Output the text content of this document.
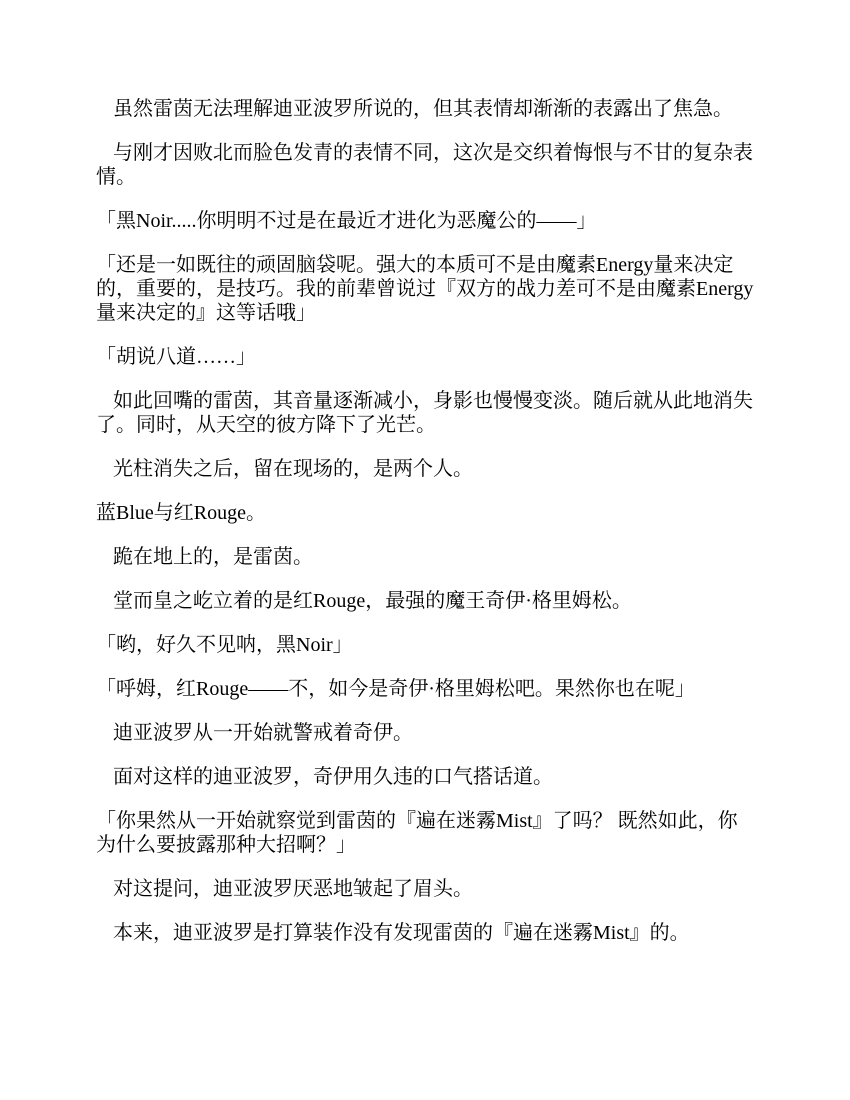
虽然雷茵无法理解迪亚波罗所说的，但其表情却渐渐的表露出了焦急。

与刚才因败北而脸色发青的表情不同，这次是交织着悔恨与不甘的复杂表情。

「黑Noir.....你明明不过是在最近才进化为恶魔公的——」

「还是一如既往的顽固脑袋呢。强大的本质可不是由魔素Energy量来决定的，重要的，是技巧。我的前辈曾说过『双方的战力差可不是由魔素Energy量来决定的』这等话哦」

「胡说八道……」

如此回嘴的雷茵，其音量逐渐减小，身影也慢慢变淡。随后就从此地消失了。同时，从天空的彼方降下了光芒。

光柱消失之后，留在现场的，是两个人。

蓝Blue与红Rouge。

跪在地上的，是雷茵。

堂而皇之屹立着的是红Rouge，最强的魔王奇伊·格里姆松。

「哟，好久不见呐，黑Noir」

「呼姆，红Rouge——不，如今是奇伊·格里姆松吧。果然你也在呢」

迪亚波罗从一开始就警戒着奇伊。

面对这样的迪亚波罗，奇伊用久违的口气搭话道。

「你果然从一开始就察觉到雷茵的『遍在迷霧Mist』了吗？ 既然如此，你为什么要披露那种大招啊？」

对这提问，迪亚波罗厌恶地皱起了眉头。

本来，迪亚波罗是打算装作没有发现雷茵的『遍在迷霧Mist』的。
